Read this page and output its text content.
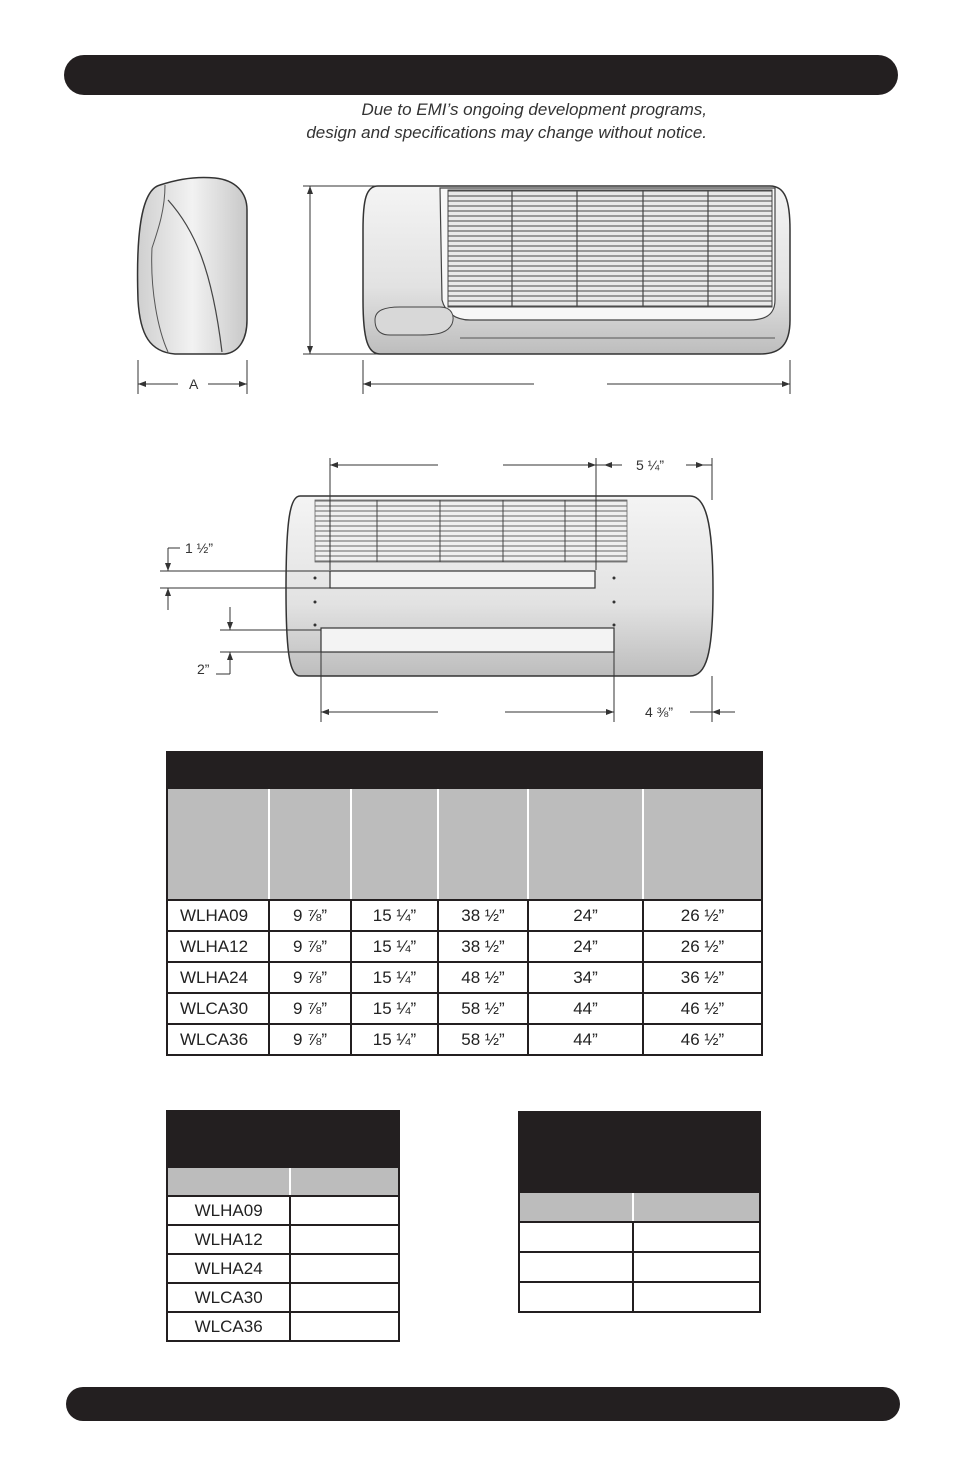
Due to EMI’s ongoing development programs,
design and specifications may change without notice.
A
5 ¼”
1 ½”
2”
4 ⅜”

WLHA09	9 ⅞”	15 ¼”	38 ½”	24”	26 ½”
WLHA12	9 ⅞”	15 ¼”	38 ½”	24”	26 ½”
WLHA24	9 ⅞”	15 ¼”	48 ½”	34”	36 ½”
WLCA30	9 ⅞”	15 ¼”	58 ½”	44”	46 ½”
WLCA36	9 ⅞”	15 ¼”	58 ½”	44”	46 ½”

WLHA09	
WLHA12	
WLHA24	
WLCA30	
WLCA36	
